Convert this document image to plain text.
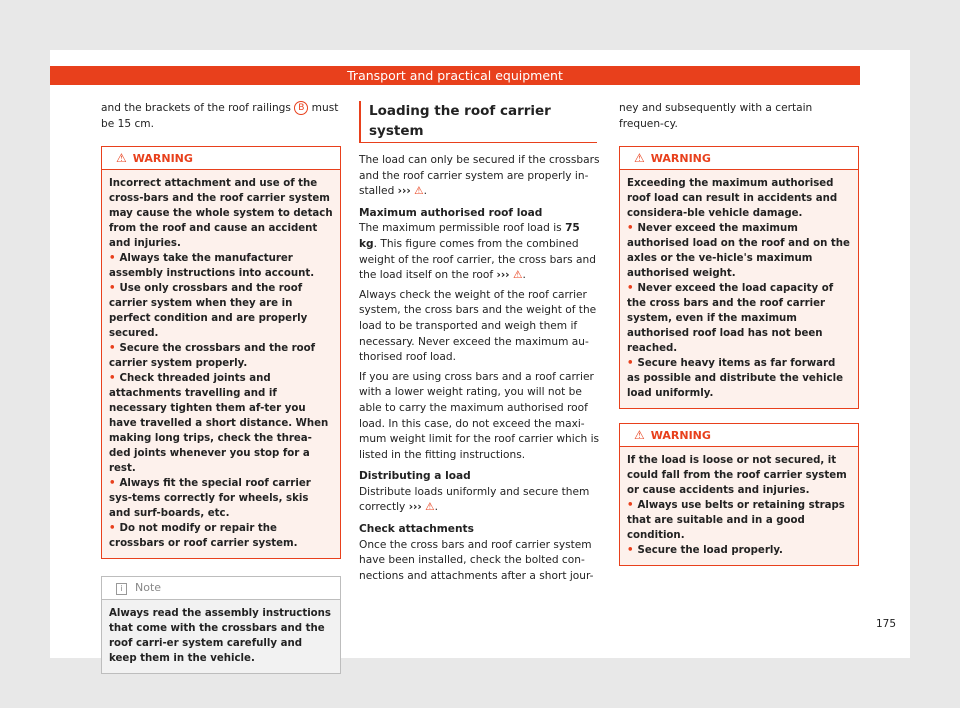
Transport and practical equipment

and the brackets of the roof railings B must be 15 cm.

⚠ WARNING

Incorrect attachment and use of the cross-bars and the roof carrier system may cause the whole system to detach from the roof and cause an accident and injuries.

• Always take the manufacturer assembly instructions into account.

• Use only crossbars and the roof carrier system when they are in perfect condition and are properly secured.

• Secure the crossbars and the roof carrier system properly.

• Check threaded joints and attachments travelling and if necessary tighten them af-ter you have travelled a short distance. When making long trips, check the threa-ded joints whenever you stop for a rest.

• Always fit the special roof carrier sys-tems correctly for wheels, skis and surf-boards, etc.

• Do not modify or repair the crossbars or roof carrier system.

i Note
Always read the assembly instructions that come with the crossbars and the roof carri-er system carefully and keep them in the vehicle.
Loading the roof carrier system

The load can only be secured if the crossbars and the roof carrier system are properly in-stalled ››› ⚠.

Maximum authorised roof load

The maximum permissible roof load is 75 kg. This figure comes from the combined weight of the roof carrier, the cross bars and the load itself on the roof ››› ⚠.

Always check the weight of the roof carrier system, the cross bars and the weight of the load to be transported and weigh them if necessary. Never exceed the maximum au-thorised roof load.

If you are using cross bars and a roof carrier with a lower weight rating, you will not be able to carry the maximum authorised roof load. In this case, do not exceed the maxi-mum weight limit for the roof carrier which is listed in the fitting instructions.

Distributing a load

Distribute loads uniformly and secure them correctly ››› ⚠.

Check attachments

Once the cross bars and roof carrier system have been installed, check the bolted con-nections and attachments after a short jour-

ney and subsequently with a certain frequen-cy.

⚠ WARNING

Exceeding the maximum authorised roof load can result in accidents and considera-ble vehicle damage.

• Never exceed the maximum authorised load on the roof and on the axles or the ve-hicle's maximum authorised weight.

• Never exceed the load capacity of the cross bars and the roof carrier system, even if the maximum authorised roof load has not been reached.

• Secure heavy items as far forward as possible and distribute the vehicle load uniformly.

⚠ WARNING

If the load is loose or not secured, it could fall from the roof carrier system or cause accidents and injuries.

• Always use belts or retaining straps that are suitable and in a good condition.

• Secure the load properly.

175
